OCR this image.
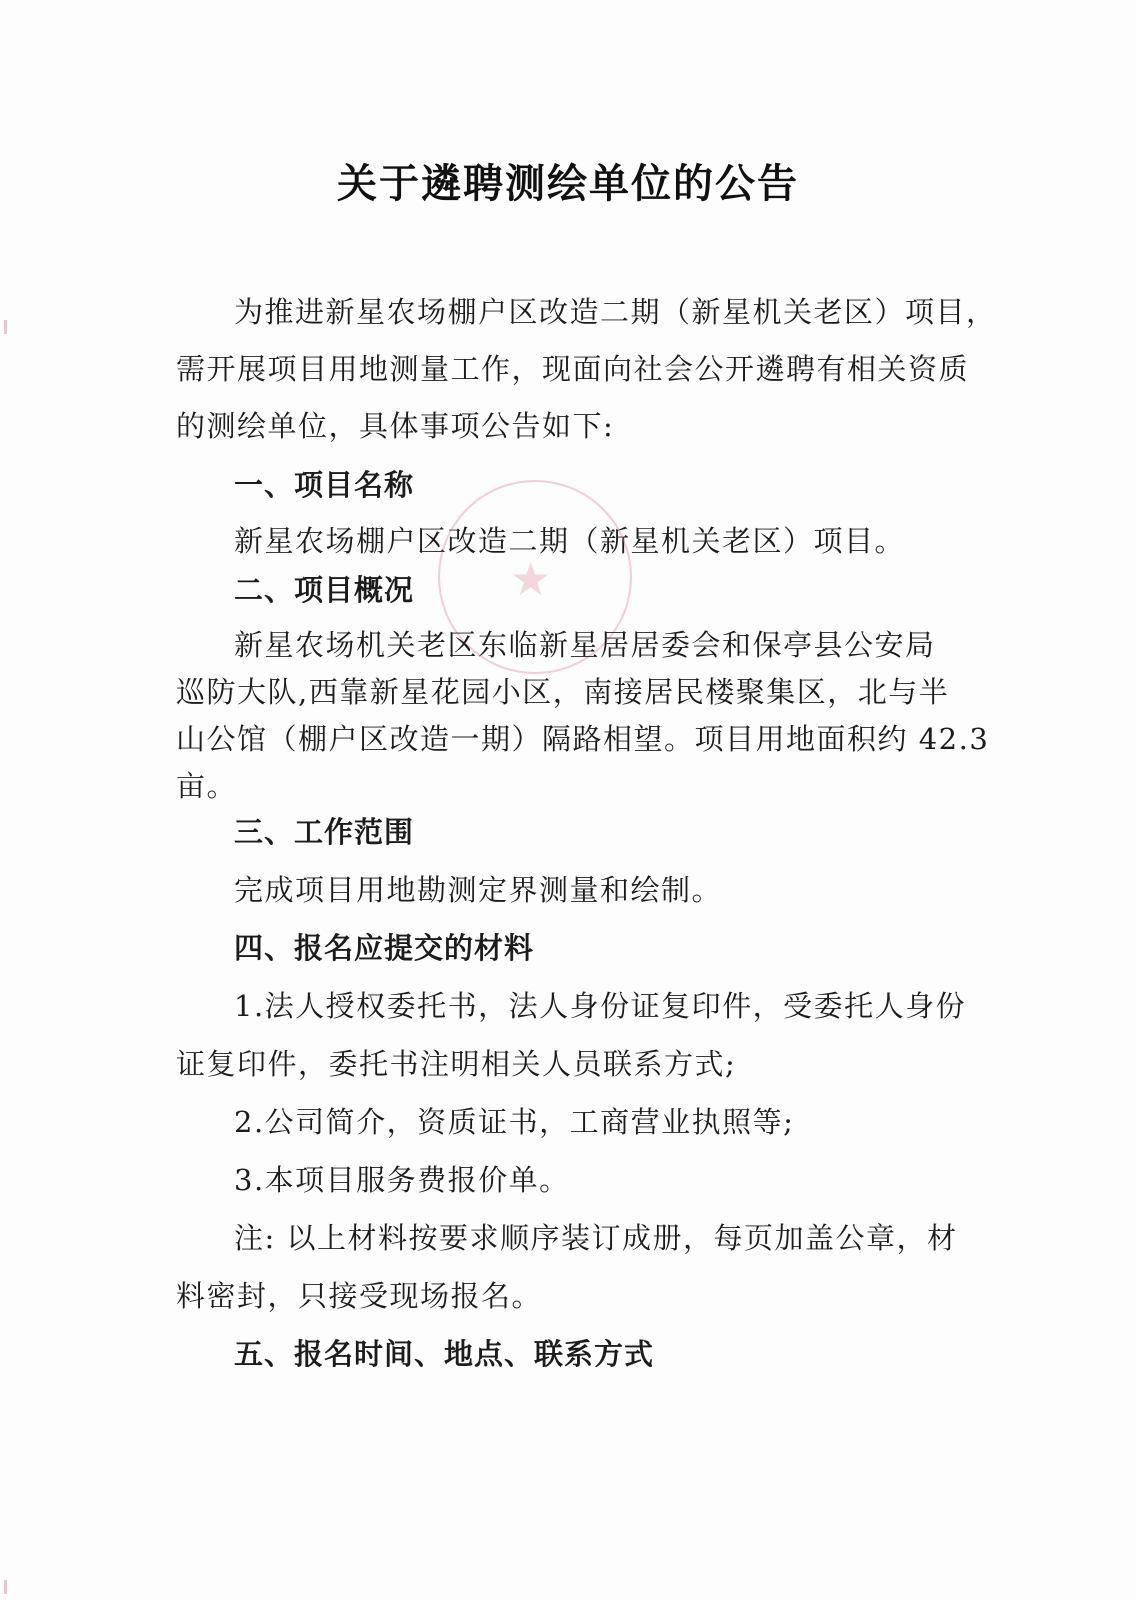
关于遴聘测绘单位的公告
为推进新星农场棚户区改造二期（新星机关老区）项目，
需开展项目用地测量工作，现面向社会公开遴聘有相关资质
的测绘单位，具体事项公告如下:
一、项目名称
新星农场棚户区改造二期（新星机关老区）项目。
★
二、项目概况
新星农场机关老区东临新星居居委会和保亭县公安局
巡防大队,西靠新星花园小区，南接居民楼聚集区，北与半
山公馆（棚户区改造一期）隔路相望。项目用地面积约 42.3
亩。
三、工作范围
完成项目用地勘测定界测量和绘制。
四、报名应提交的材料
1.法人授权委托书，法人身份证复印件，受委托人身份
证复印件，委托书注明相关人员联系方式;
2.公司简介，资质证书，工商营业执照等;
3.本项目服务费报价单。
注: 以上材料按要求顺序装订成册，每页加盖公章，材
料密封，只接受现场报名。
五、报名时间、地点、联系方式
